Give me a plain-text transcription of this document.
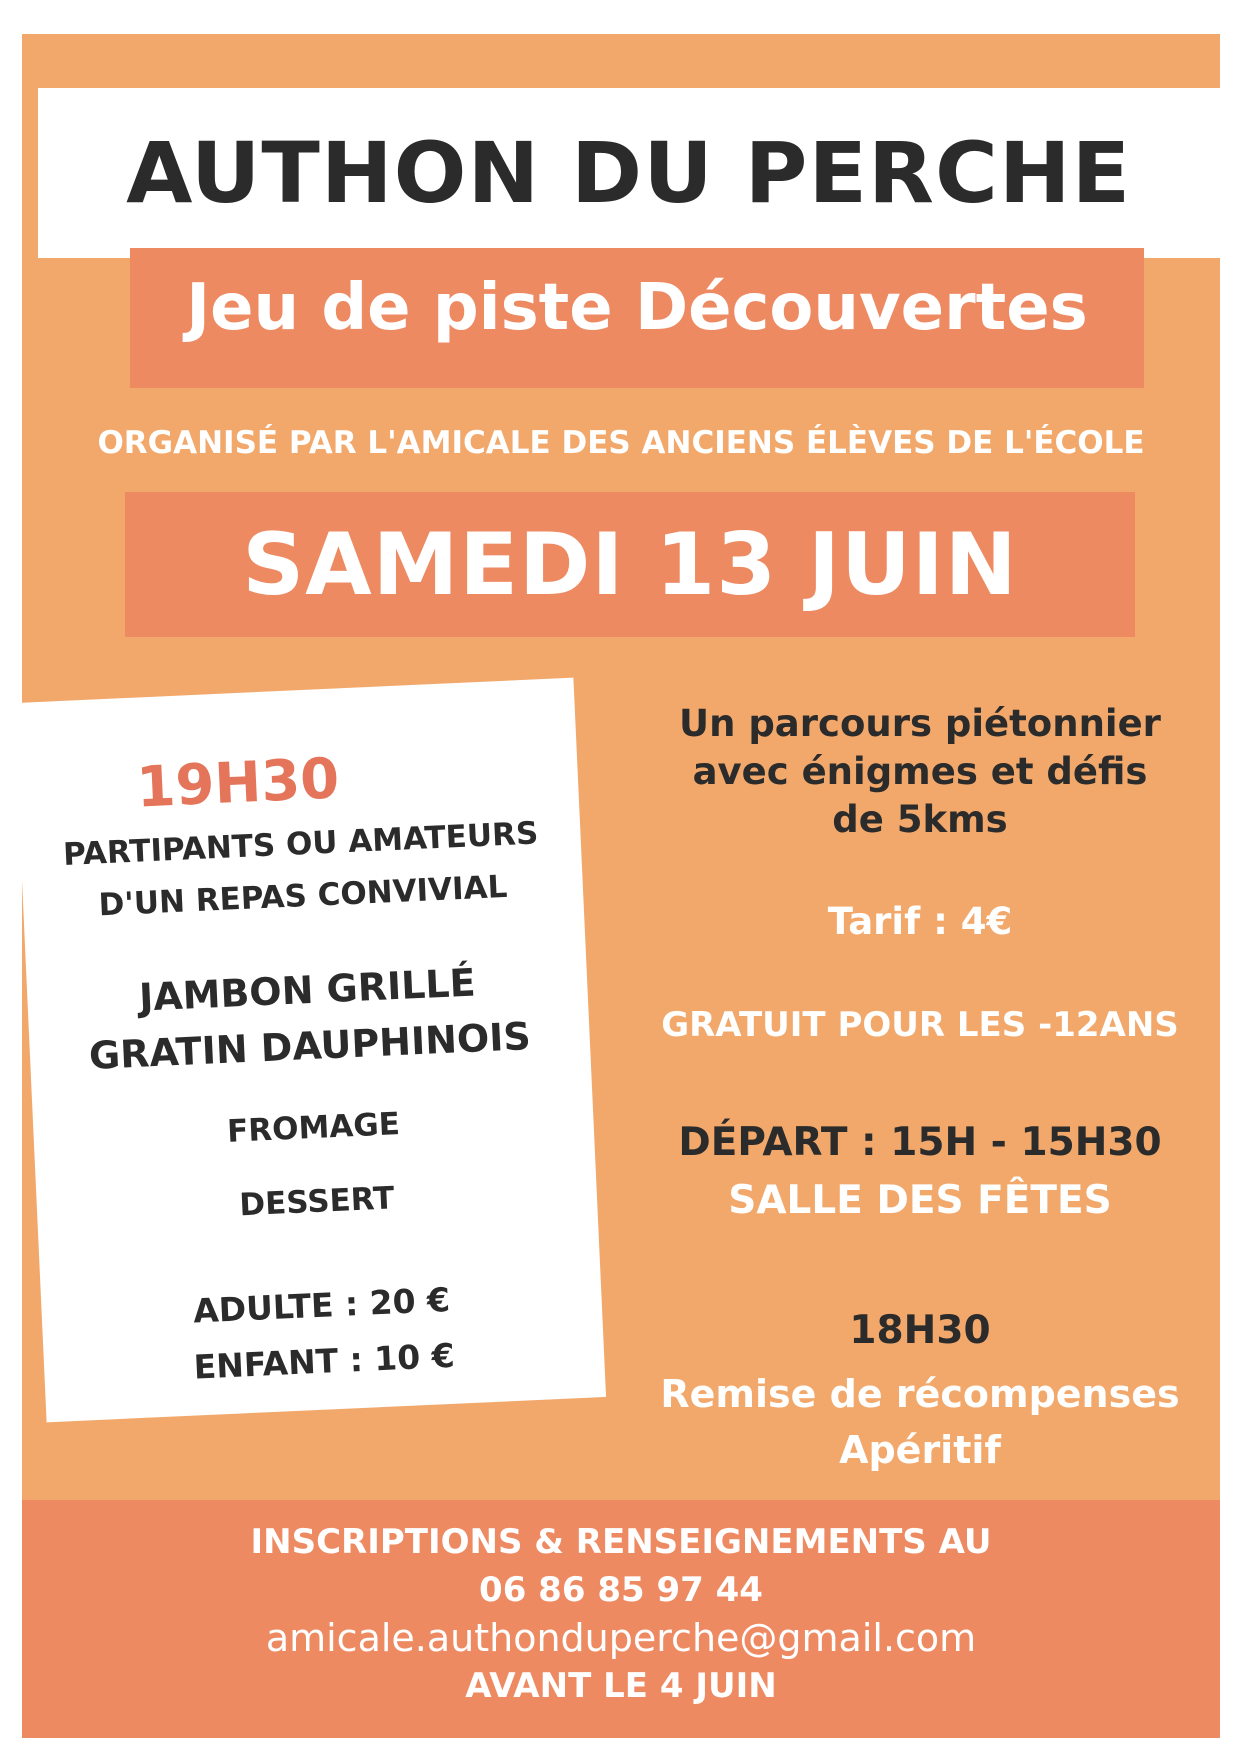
AUTHON DU PERCHE
Jeu de piste Découvertes
ORGANISÉ PAR L'AMICALE DES ANCIENS ÉLÈVES DE L'ÉCOLE
SAMEDI 13 JUIN
19H30
PARTIPANTS OU AMATEURS
D'UN REPAS CONVIVIAL
JAMBON GRILLÉ
GRATIN DAUPHINOIS
FROMAGE
DESSERT
ADULTE : 20 €
ENFANT : 10 €
Un parcours piétonnier
avec énigmes et défis
de 5kms
Tarif : 4€
GRATUIT POUR LES -12ANS
DÉPART : 15H - 15H30
SALLE DES FÊTES
18H30
Remise de récompenses
Apéritif
INSCRIPTIONS & RENSEIGNEMENTS AU
06 86 85 97 44
amicale.authonduperche@gmail.com
AVANT LE 4 JUIN
